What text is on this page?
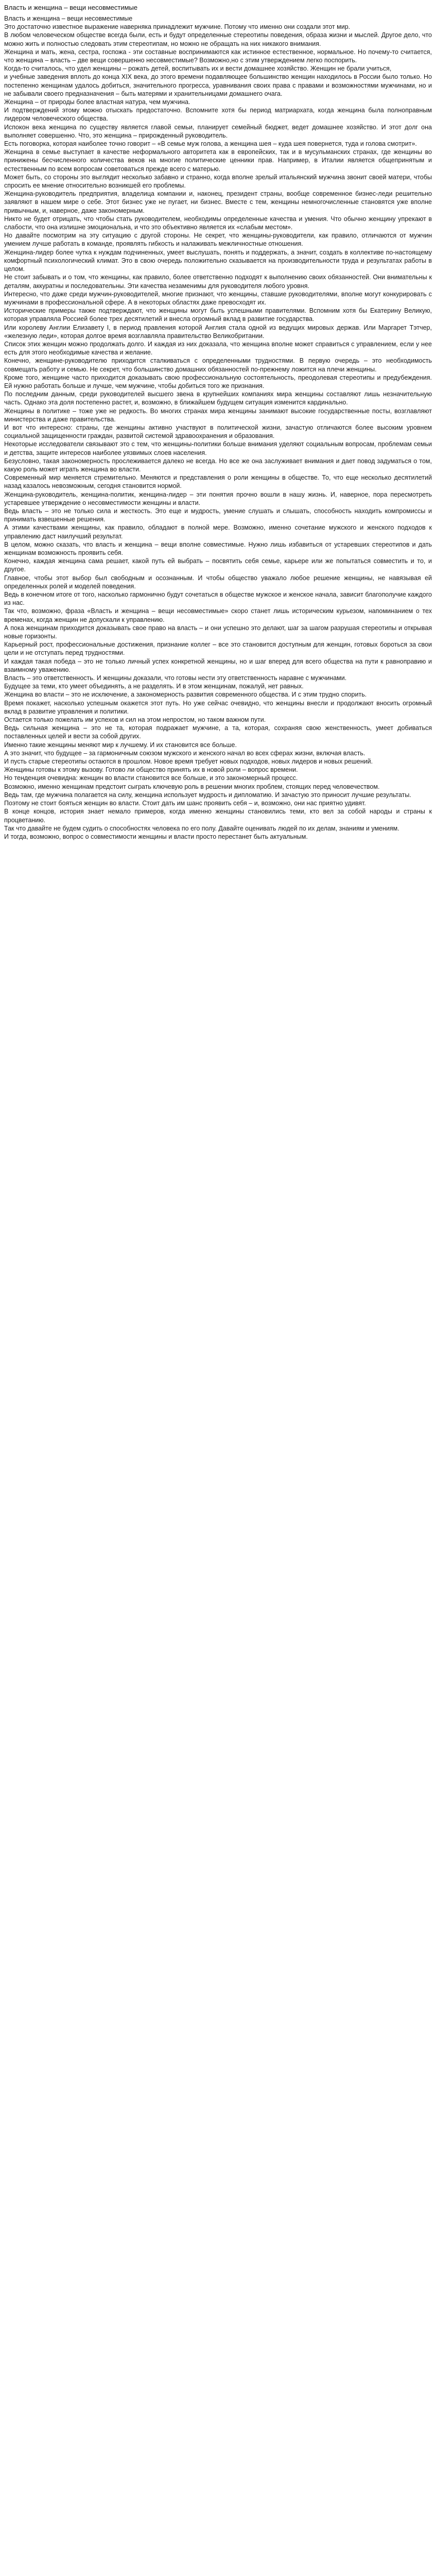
Власть и женщина – вещи несовместимые

Власть и женщина – вещи несовместимые

Это достаточно известное выражение наверняка принадлежит мужчине. Потому что именно они создали этот мир.

В любом человеческом обществе всегда были, есть и будут определенные стереотипы поведения, образа жизни и мыслей. Другое дело, что можно жить и полностью следовать этим стереотипам, но можно не обращать на них никакого внимания.

Женщина и мать, жена, сестра, госпожа - эти составные воспринимаются как истинное естественное, нормальное. Но почему-то считается, что женщина – власть – две вещи совершенно несовместимые? Возможно,но с этим утверждением легко поспорить.

Когда-то считалось, что удел женщины – рожать детей, воспитывать их и вести домашнее хозяйство. Женщин не брали учиться,

и учебные заведения вплоть до конца XIX века, до этого времени подавляющее большинство женщин находилось в России было только. Но постепенно женщинам удалось добиться, значительного прогресса, уравнивания своих права с правами и возможностями мужчинами, но и не забывали своего предназначения – быть матерями и хранительницами домашнего очага.

Женщина – от природы более властная натура, чем мужчина.

И подтверждений этому можно отыскать предостаточно. Вспомните хотя бы период матриархата, когда женщина была полноправным лидером человеческого общества.

Испокон века женщина по существу является главой семьи, планирует семейный бюджет, ведет домашнее хозяйство. И этот долг она выполняет совершенно. Что, это женщина – прирожденный руководитель.

Есть поговорка, которая наиболее точно говорит – «В семье муж голова, а женщина шея – куда шея повернется, туда и голова смотрит».

Женщина в семье выступает в качестве неформального авторитета как в европейских, так и в мусульманских странах, где женщины во принижены бесчисленного количества веков на многие политические ценники прав. Например, в Италии является общепринятым и естественным по всем вопросам советоваться прежде всего с матерью.

Может быть, со стороны это выглядит несколько забавно и странно, когда вполне зрелый итальянский мужчина звонит своей матери, чтобы спросить ее мнение относительно возникшей его проблемы.

Женщина-руководитель предприятия, владелица компании и, наконец, президент страны, вообще современное бизнес-леди решительно заявляют в нашем мире о себе. Этот бизнес уже не пугает, ни бизнес. Вместе с тем, женщины немногочисленные становятся уже вполне привычным, и, наверное, даже закономерным.

Никто не будет отрицать, что чтобы стать руководителем, необходимы определенные качества и умения. Что обычно женщину упрекают в слабости, что она излишне эмоциональна, и что это объективно является их «слабым местом».

Но давайте посмотрим на эту ситуацию с другой стороны. Не секрет, что женщины-руководители, как правило, отличаются от мужчин умением лучше работать в команде, проявлять гибкость и налаживать межличностные отношения.

Женщина-лидер более чутка к нуждам подчиненных, умеет выслушать, понять и поддержать, а значит, создать в коллективе по-настоящему комфортный психологический климат. Это в свою очередь положительно сказывается на производительности труда и результатах работы в целом.

Не стоит забывать и о том, что женщины, как правило, более ответственно подходят к выполнению своих обязанностей. Они внимательны к деталям, аккуратны и последовательны. Эти качества незаменимы для руководителя любого уровня.

Интересно, что даже среди мужчин-руководителей, многие признают, что женщины, ставшие руководителями, вполне могут конкурировать с мужчинами в профессиональной сфере. А в некоторых областях даже превосходят их.

Исторические примеры также подтверждают, что женщины могут быть успешными правителями. Вспомним хотя бы Екатерину Великую, которая управляла Россией более трех десятилетий и внесла огромный вклад в развитие государства.

Или королеву Англии Елизавету I, в период правления которой Англия стала одной из ведущих мировых держав. Или Маргарет Тэтчер, «железную леди», которая долгое время возглавляла правительство Великобритании.

Список этих женщин можно продолжать долго. И каждая из них доказала, что женщина вполне может справиться с управлением, если у нее есть для этого необходимые качества и желание.

Конечно, женщине-руководителю приходится сталкиваться с определенными трудностями. В первую очередь – это необходимость совмещать работу и семью. Не секрет, что большинство домашних обязанностей по-прежнему ложится на плечи женщины.

Кроме того, женщине часто приходится доказывать свою профессиональную состоятельность, преодолевая стереотипы и предубеждения. Ей нужно работать больше и лучше, чем мужчине, чтобы добиться того же признания.

По последним данным, среди руководителей высшего звена в крупнейших компаниях мира женщины составляют лишь незначительную часть. Однако эта доля постепенно растет, и, возможно, в ближайшем будущем ситуация изменится кардинально.

Женщины в политике – тоже уже не редкость. Во многих странах мира женщины занимают высокие государственные посты, возглавляют министерства и даже правительства.

И вот что интересно: страны, где женщины активно участвуют в политической жизни, зачастую отличаются более высоким уровнем социальной защищенности граждан, развитой системой здравоохранения и образования.

Некоторые исследователи связывают это с тем, что женщины-политики больше внимания уделяют социальным вопросам, проблемам семьи и детства, защите интересов наиболее уязвимых слоев населения.

Безусловно, такая закономерность прослеживается далеко не всегда. Но все же она заслуживает внимания и дает повод задуматься о том, какую роль может играть женщина во власти.

Современный мир меняется стремительно. Меняются и представления о роли женщины в обществе. То, что еще несколько десятилетий назад казалось невозможным, сегодня становится нормой.

Женщина-руководитель, женщина-политик, женщина-лидер – эти понятия прочно вошли в нашу жизнь. И, наверное, пора пересмотреть устаревшее утверждение о несовместимости женщины и власти.

Ведь власть – это не только сила и жесткость. Это еще и мудрость, умение слушать и слышать, способность находить компромиссы и принимать взвешенные решения.

А этими качествами женщины, как правило, обладают в полной мере. Возможно, именно сочетание мужского и женского подходов к управлению даст наилучший результат.

В целом, можно сказать, что власть и женщина – вещи вполне совместимые. Нужно лишь избавиться от устаревших стереотипов и дать женщинам возможность проявить себя.

Конечно, каждая женщина сама решает, какой путь ей выбрать – посвятить себя семье, карьере или же попытаться совместить и то, и другое.

Главное, чтобы этот выбор был свободным и осознанным. И чтобы общество уважало любое решение женщины, не навязывая ей определенных ролей и моделей поведения.

Ведь в конечном итоге от того, насколько гармонично будут сочетаться в обществе мужское и женское начала, зависит благополучие каждого из нас.

Так что, возможно, фраза «Власть и женщина – вещи несовместимые» скоро станет лишь историческим курьезом, напоминанием о тех временах, когда женщин не допускали к управлению.

А пока женщинам приходится доказывать свое право на власть – и они успешно это делают, шаг за шагом разрушая стереотипы и открывая новые горизонты.

Карьерный рост, профессиональные достижения, признание коллег – все это становится доступным для женщин, готовых бороться за свои цели и не отступать перед трудностями.

И каждая такая победа – это не только личный успех конкретной женщины, но и шаг вперед для всего общества на пути к равноправию и взаимному уважению.

Власть – это ответственность. И женщины доказали, что готовы нести эту ответственность наравне с мужчинами.

Будущее за теми, кто умеет объединять, а не разделять. И в этом женщинам, пожалуй, нет равных.

Женщина во власти – это не исключение, а закономерность развития современного общества. И с этим трудно спорить.

Время покажет, насколько успешным окажется этот путь. Но уже сейчас очевидно, что женщины внесли и продолжают вносить огромный вклад в развитие управления и политики.

Остается только пожелать им успехов и сил на этом непростом, но таком важном пути.

Ведь сильная женщина – это не та, которая подражает мужчине, а та, которая, сохраняя свою женственность, умеет добиваться поставленных целей и вести за собой других.

Именно такие женщины меняют мир к лучшему. И их становится все больше.

А это значит, что будущее – за гармоничным союзом мужского и женского начал во всех сферах жизни, включая власть.

И пусть старые стереотипы остаются в прошлом. Новое время требует новых подходов, новых лидеров и новых решений.

Женщины готовы к этому вызову. Готово ли общество принять их в новой роли – вопрос времени.

Но тенденция очевидна: женщин во власти становится все больше, и это закономерный процесс.

Возможно, именно женщинам предстоит сыграть ключевую роль в решении многих проблем, стоящих перед человечеством.

Ведь там, где мужчина полагается на силу, женщина использует мудрость и дипломатию. И зачастую это приносит лучшие результаты.

Поэтому не стоит бояться женщин во власти. Стоит дать им шанс проявить себя – и, возможно, они нас приятно удивят.

В конце концов, история знает немало примеров, когда именно женщины становились теми, кто вел за собой народы и страны к процветанию.

Так что давайте не будем судить о способностях человека по его полу. Давайте оценивать людей по их делам, знаниям и умениям.

И тогда, возможно, вопрос о совместимости женщины и власти просто перестанет быть актуальным.
